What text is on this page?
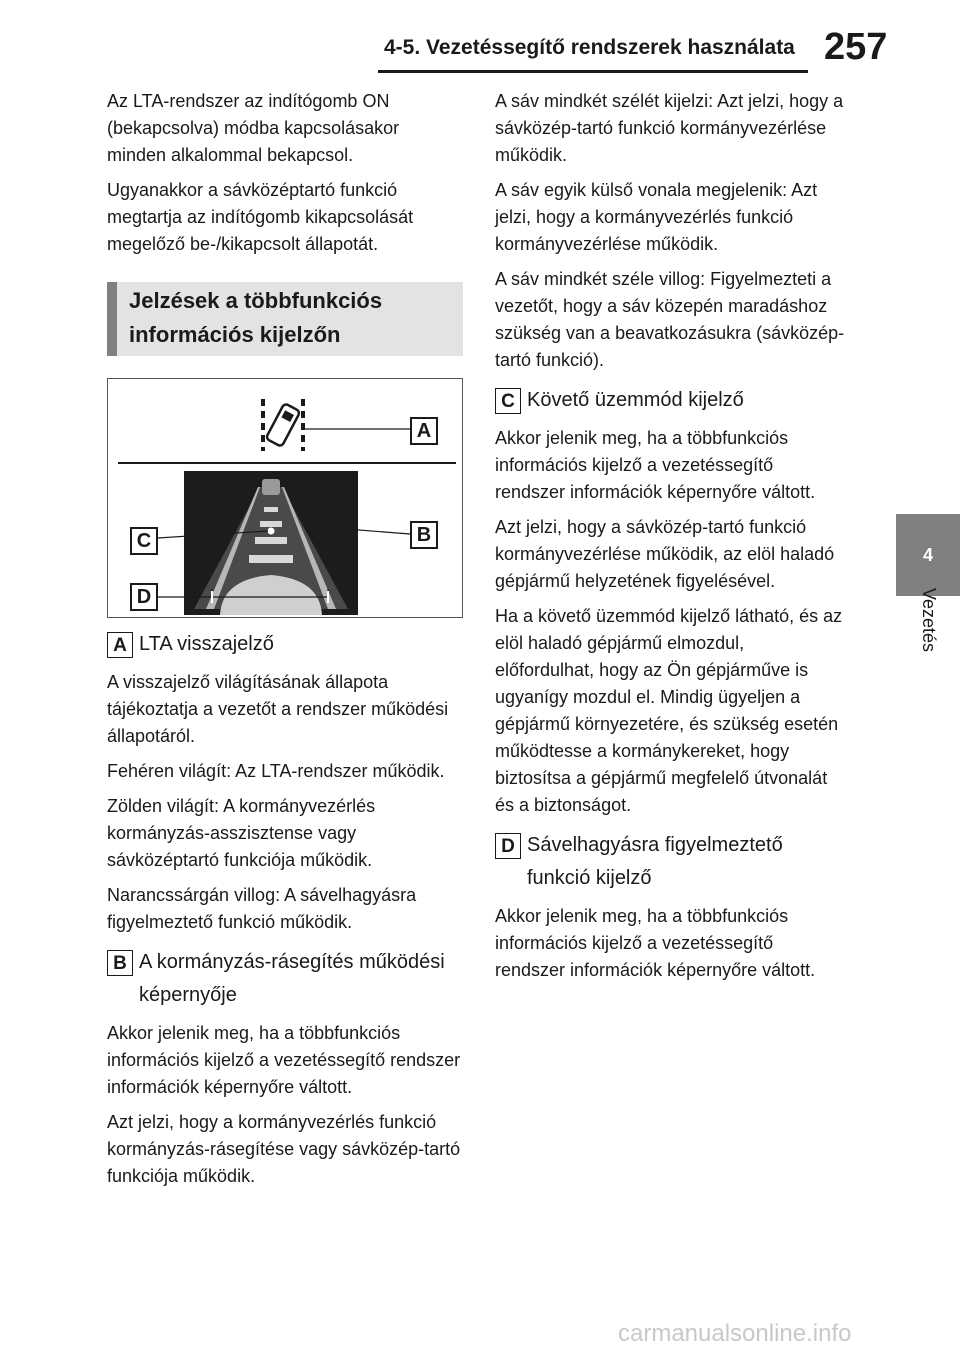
4-5. Vezetéssegítő rendszerek használata 257
4
Vezetés

Az LTA-rendszer az indítógomb ON (bekapcsolva) módba kapcsolásakor minden alkalommal bekapcsol.

Ugyanakkor a sávközéptartó funkció megtartja az indítógomb kikapcsolását megelőző be-/kikapcsolt állapotát.

Jelzések a többfunkciós információs kijelzőn
A
B
C
D
A LTA visszajelző

A visszajelző világításának állapota tájékoztatja a vezetőt a rendszer működési állapotáról.

Fehéren világít: Az LTA-rendszer működik.

Zölden világít: A kormányvezérlés kormányzás-asszisztense vagy sávközéptartó funkciója működik.

Narancssárgán villog: A sávelhagyásra figyelmeztető funkció működik.

B A kormányzás-rásegítés működési képernyője

Akkor jelenik meg, ha a többfunkciós információs kijelző a vezetéssegítő rendszer információk képernyőre váltott.

Azt jelzi, hogy a kormányvezérlés funkció kormányzás-rásegítése vagy sávközép-tartó funkciója működik.

A sáv mindkét szélét kijelzi: Azt jelzi, hogy a sávközép-tartó funkció kormányvezérlése működik.

A sáv egyik külső vonala megjelenik: Azt jelzi, hogy a kormányvezérlés funkció kormányvezérlése működik.

A sáv mindkét széle villog: Figyelmezteti a vezetőt, hogy a sáv közepén maradáshoz szükség van a beavatkozásukra (sávközép-tartó funkció).

C Követő üzemmód kijelző

Akkor jelenik meg, ha a többfunkciós információs kijelző a vezetéssegítő rendszer információk képernyőre váltott.

Azt jelzi, hogy a sávközép-tartó funkció kormányvezérlése működik, az elöl haladó gépjármű helyzetének figyelésével.

Ha a követő üzemmód kijelző látható, és az elöl haladó gépjármű elmozdul, előfordulhat, hogy az Ön gépjárműve is ugyanígy mozdul el. Mindig ügyeljen a gépjármű környezetére, és szükség esetén működtesse a kormánykereket, hogy biztosítsa a gépjármű megfelelő útvonalát és a biztonságot.

D Sávelhagyásra figyelmeztető funkció kijelző

Akkor jelenik meg, ha a többfunkciós információs kijelző a vezetéssegítő rendszer információk képernyőre váltott.

carmanualsonline.info
